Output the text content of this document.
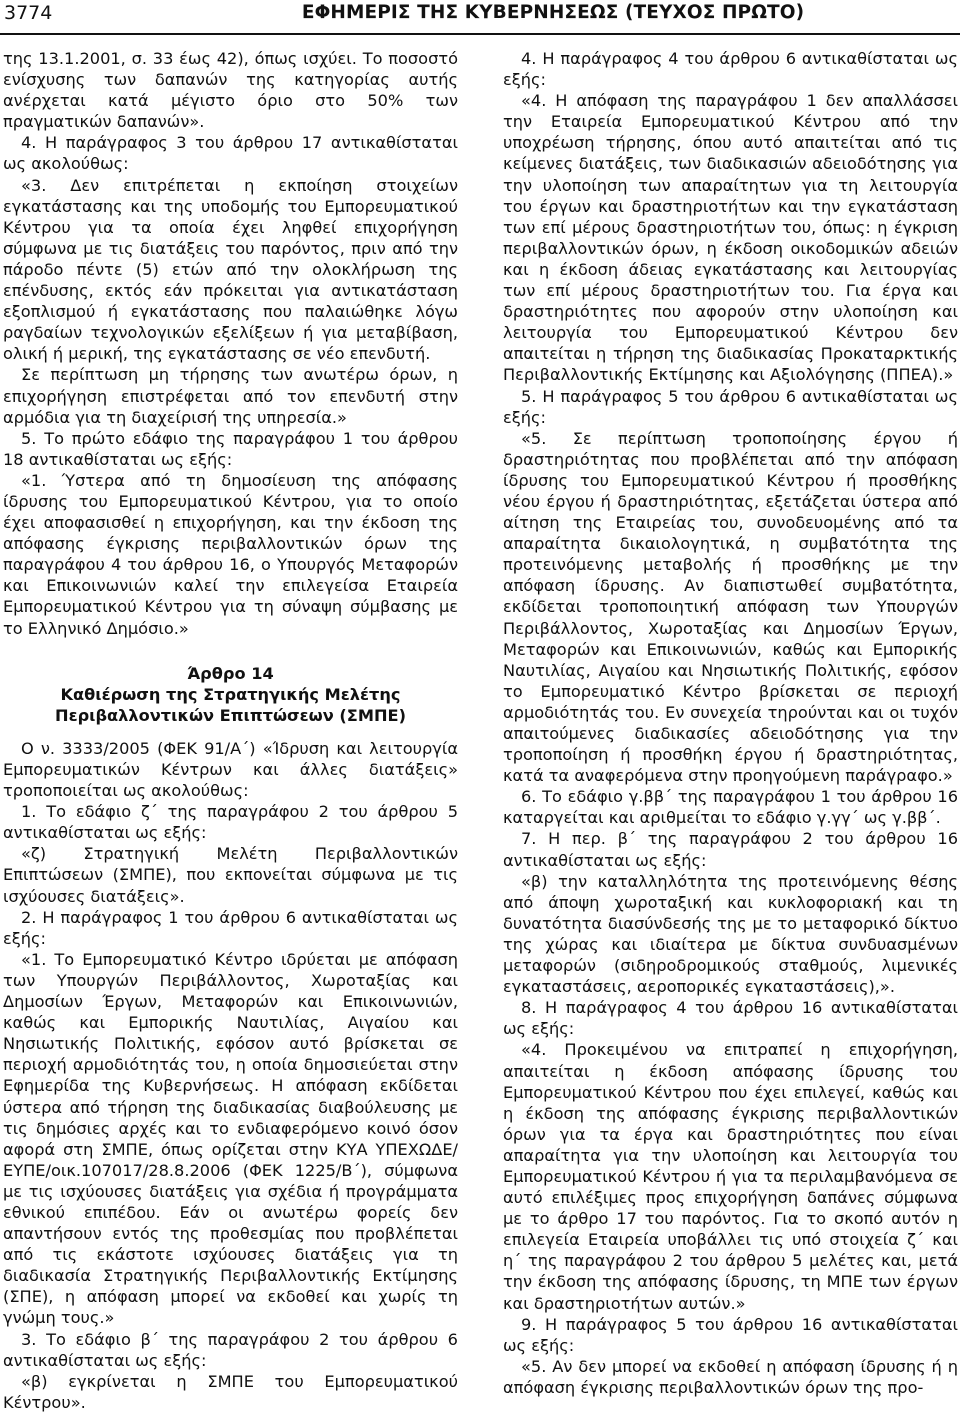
3774	ΕΦΗΜΕΡΙΣ ΤΗΣ ΚΥΒΕΡΝΗΣΕΩΣ (ΤΕΥΧΟΣ ΠΡΩΤΟ)

της 13.1.2001, σ. 33 έως 42), όπως ισχύει. Το ποσοστό ενίσχυσης των δαπανών της κατηγορίας αυτής ανέρχεται κατά μέγιστο όριο στο 50% των πραγματικών δαπανών».

4. Η παράγραφος 3 του άρθρου 17 αντικαθίσταται ως ακολούθως:

«3. Δεν επιτρέπεται η εκποίηση στοιχείων εγκατάστασης και της υποδομής του Εμπορευματικού Κέντρου για τα οποία έχει ληφθεί επιχορήγηση σύμφωνα με τις διατάξεις του παρόντος, πριν από την πάροδο πέντε (5) ετών από την ολοκλήρωση της επένδυσης, εκτός εάν πρόκειται για αντικατάσταση εξοπλισμού ή εγκατάστασης που παλαιώθηκε λόγω ραγδαίων τεχνολογικών εξελίξεων ή για μεταβίβαση, ολική ή μερική, της εγκατάστασης σε νέο επενδυτή.

Σε περίπτωση μη τήρησης των ανωτέρω όρων, η επιχορήγηση επιστρέφεται από τον επενδυτή στην αρμόδια για τη διαχείρισή της υπηρεσία.»

5. Το πρώτο εδάφιο της παραγράφου 1 του άρθρου 18 αντικαθίσταται ως εξής:

«1. Ύστερα από τη δημοσίευση της απόφασης ίδρυσης του Εμπορευματικού Κέντρου, για το οποίο έχει αποφασισθεί η επιχορήγηση, και την έκδοση της απόφασης έγκρισης περιβαλλοντικών όρων της παραγράφου 4 του άρθρου 16, ο Υπουργός Μεταφορών και Επικοινωνιών καλεί την επιλεγείσα Εταιρεία Εμπορευματικού Κέντρου για τη σύναψη σύμβασης με το Ελληνικό Δημόσιο.»

Άρθρο 14

Καθιέρωση της Στρατηγικής Μελέτης

Περιβαλλοντικών Επιπτώσεων (ΣΜΠΕ)

Ο ν. 3333/2005 (ΦΕΚ 91/Α΄) «Ίδρυση και λειτουργία Εμπορευματικών Κέντρων και άλλες διατάξεις» τροποποιείται ως ακολούθως:

1. Το εδάφιο ζ΄ της παραγράφου 2 του άρθρου 5 αντικαθίσταται ως εξής:

«ζ) Στρατηγική Μελέτη Περιβαλλοντικών Επιπτώσεων (ΣΜΠΕ), που εκπονείται σύμφωνα με τις ισχύουσες διατάξεις».

2. Η παράγραφος 1 του άρθρου 6 αντικαθίσταται ως εξής:

«1. Το Εμπορευματικό Κέντρο ιδρύεται με απόφαση των Υπουργών Περιβάλλοντος, Χωροταξίας και Δημοσίων Έργων, Μεταφορών και Επικοινωνιών, καθώς και Εμπορικής Ναυτιλίας, Αιγαίου και Νησιωτικής Πολιτικής, εφόσον αυτό βρίσκεται σε περιοχή αρμοδιότητάς του, η οποία δημοσιεύεται στην Εφημερίδα της Κυβερνήσεως. Η απόφαση εκδίδεται ύστερα από τήρηση της διαδικασίας διαβούλευσης με τις δημόσιες αρχές και το ενδιαφερόμενο κοινό όσον αφορά στη ΣΜΠΕ, όπως ορίζεται στην ΚΥΑ ΥΠΕΧΩΔΕ/ΕΥΠΕ/οικ.107017/28.8.2006 (ΦΕΚ 1225/Β΄), σύμφωνα με τις ισχύουσες διατάξεις για σχέδια ή προγράμματα εθνικού επιπέδου. Εάν οι ανωτέρω φορείς δεν απαντήσουν εντός της προθεσμίας που προβλέπεται από τις εκάστοτε ισχύουσες διατάξεις για τη διαδικασία Στρατηγικής Περιβαλλοντικής Εκτίμησης (ΣΠΕ), η απόφαση μπορεί να εκδοθεί και χωρίς τη γνώμη τους.»

3. Το εδάφιο β΄ της παραγράφου 2 του άρθρου 6 αντικαθίσταται ως εξής:

«β) εγκρίνεται η ΣΜΠΕ του Εμπορευματικού Κέντρου».

4. Η παράγραφος 4 του άρθρου 6 αντικαθίσταται ως εξής:

«4. Η απόφαση της παραγράφου 1 δεν απαλλάσσει την Εταιρεία Εμπορευματικού Κέντρου από την υποχρέωση τήρησης, όπου αυτό απαιτείται από τις κείμενες διατάξεις, των διαδικασιών αδειοδότησης για την υλοποίηση των απαραίτητων για τη λειτουργία του έργων και δραστηριοτήτων και την εγκατάσταση των επί μέρους δραστηριοτήτων του, όπως: η έγκριση περιβαλλοντικών όρων, η έκδοση οικοδομικών αδειών και η έκδοση άδειας εγκατάστασης και λειτουργίας των επί μέρους δραστηριοτήτων του. Για έργα και δραστηριότητες που αφορούν στην υλοποίηση και λειτουργία του Εμπορευματικού Κέντρου δεν απαιτείται η τήρηση της διαδικασίας Προκαταρκτικής Περιβαλλοντικής Εκτίμησης και Αξιολόγησης (ΠΠΕΑ).»

5. Η παράγραφος 5 του άρθρου 6 αντικαθίσταται ως εξής:

«5. Σε περίπτωση τροποποίησης έργου ή δραστηριότητας που προβλέπεται από την απόφαση ίδρυσης του Εμπορευματικού Κέντρου ή προσθήκης νέου έργου ή δραστηριότητας, εξετάζεται ύστερα από αίτηση της Εταιρείας του, συνοδευομένης από τα απαραίτητα δικαιολογητικά, η συμβατότητα της προτεινόμενης μεταβολής ή προσθήκης με την απόφαση ίδρυσης. Αν διαπιστωθεί συμβατότητα, εκδίδεται τροποποιητική απόφαση των Υπουργών Περιβάλλοντος, Χωροταξίας και Δημοσίων Έργων, Μεταφορών και Επικοινωνιών, καθώς και Εμπορικής Ναυτιλίας, Αιγαίου και Νησιωτικής Πολιτικής, εφόσον το Εμπορευματικό Κέντρο βρίσκεται σε περιοχή αρμοδιότητάς του. Εν συνεχεία τηρούνται και οι τυχόν απαιτούμενες διαδικασίες αδειοδότησης για την τροποποίηση ή προσθήκη έργου ή δραστηριότητας, κατά τα αναφερόμενα στην προηγούμενη παράγραφο.»

6. Το εδάφιο γ.ββ΄ της παραγράφου 1 του άρθρου 16 καταργείται και αριθμείται το εδάφιο γ.γγ΄ ως γ.ββ΄.

7. Η περ. β΄ της παραγράφου 2 του άρθρου 16 αντικαθίσταται ως εξής:

«β) την καταλληλότητα της προτεινόμενης θέσης από άποψη χωροταξική και κυκλοφοριακή και τη δυνατότητα διασύνδεσής της με το μεταφορικό δίκτυο της χώρας και ιδιαίτερα με δίκτυα συνδυασμένων μεταφορών (σιδηροδρομικούς σταθμούς, λιμενικές εγκαταστάσεις, αεροπορικές εγκαταστάσεις),».

8. Η παράγραφος 4 του άρθρου 16 αντικαθίσταται ως εξής:

«4. Προκειμένου να επιτραπεί η επιχορήγηση, απαιτείται η έκδοση απόφασης ίδρυσης του Εμπορευματικού Κέντρου που έχει επιλεγεί, καθώς και η έκδοση της απόφασης έγκρισης περιβαλλοντικών όρων για τα έργα και δραστηριότητες που είναι απαραίτητα για την υλοποίηση και λειτουργία του Εμπορευματικού Κέντρου ή για τα περιλαμβανόμενα σε αυτό επιλέξιμες προς επιχορήγηση δαπάνες σύμφωνα με το άρθρο 17 του παρόντος. Για το σκοπό αυτόν η επιλεγεία Εταιρεία υποβάλλει τις υπό στοιχεία ζ΄ και η΄ της παραγράφου 2 του άρθρου 5 μελέτες και, μετά την έκδοση της απόφασης ίδρυσης, τη ΜΠΕ των έργων και δραστηριοτήτων αυτών.»

9. Η παράγραφος 5 του άρθρου 16 αντικαθίσταται ως εξής:

«5. Αν δεν μπορεί να εκδοθεί η απόφαση ίδρυσης ή η απόφαση έγκρισης περιβαλλοντικών όρων της προ-
